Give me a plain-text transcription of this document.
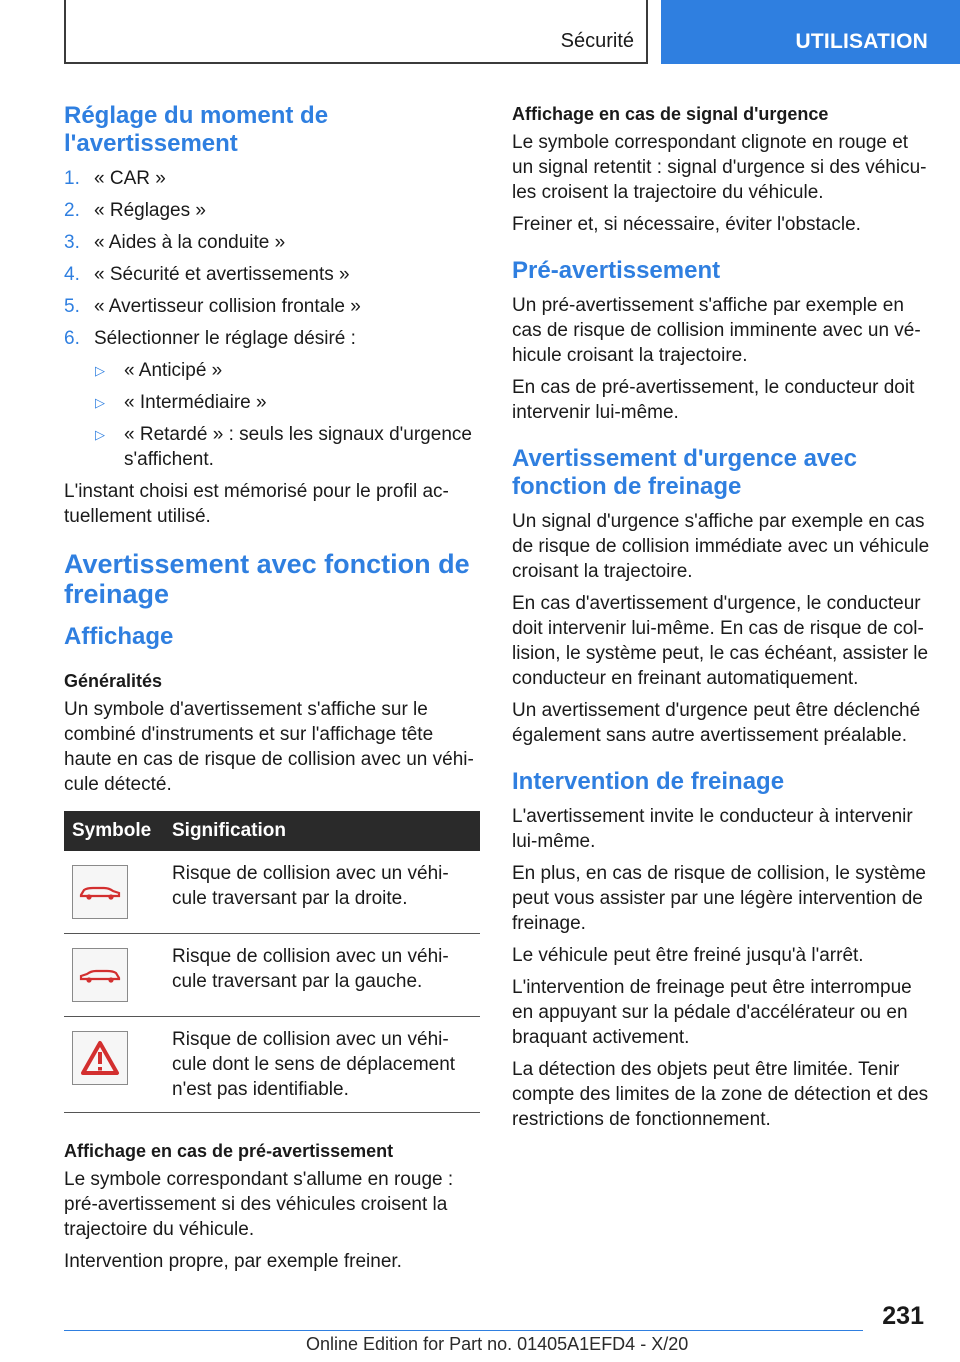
Sécurité	UTILISATION
Réglage du moment de l'avertissement
1. « CAR »
2. « Réglages »
3. « Aides à la conduite »
4. « Sécurité et avertissements »
5. « Avertisseur collision frontale »
6. Sélectionner le réglage désiré :
▷ « Anticipé »
▷ « Intermédiaire »
▷ « Retardé » : seuls les signaux d'urgence s'affichent.

L'instant choisi est mémorisé pour le profil actuellement utilisé.

Avertissement avec fonction de freinage
Affichage
Généralités

Un symbole d'avertissement s'affiche sur le combiné d'instruments et sur l'affichage tête haute en cas de risque de collision avec un véhicule détecté.

Symbole	Signification

	Risque de collision avec un véhicule traversant par la droite.

	Risque de collision avec un véhicule traversant par la gauche.

	Risque de collision avec un véhicule dont le sens de déplacement n'est pas identifiable.
Affichage en cas de pré-avertissement

Le symbole correspondant s'allume en rouge : pré-avertissement si des véhicules croisent la trajectoire du véhicule.

Intervention propre, par exemple freiner.

Affichage en cas de signal d'urgence

Le symbole correspondant clignote en rouge et un signal retentit : signal d'urgence si des véhicules croisent la trajectoire du véhicule.

Freiner et, si nécessaire, éviter l'obstacle.

Pré-avertissement

Un pré-avertissement s'affiche par exemple en cas de risque de collision imminente avec un véhicule croisant la trajectoire.

En cas de pré-avertissement, le conducteur doit intervenir lui-même.

Avertissement d'urgence avec fonction de freinage

Un signal d'urgence s'affiche par exemple en cas de risque de collision immédiate avec un véhicule croisant la trajectoire.

En cas d'avertissement d'urgence, le conducteur doit intervenir lui-même. En cas de risque de collision, le système peut, le cas échéant, assister le conducteur en freinant automatiquement.

Un avertissement d'urgence peut être déclenché également sans autre avertissement préalable.

Intervention de freinage

L'avertissement invite le conducteur à intervenir lui-même.

En plus, en cas de risque de collision, le système peut vous assister par une légère intervention de freinage.

Le véhicule peut être freiné jusqu'à l'arrêt.

L'intervention de freinage peut être interrompue en appuyant sur la pédale d'accélérateur ou en braquant activement.

La détection des objets peut être limitée. Tenir compte des limites de la zone de détection et des restrictions de fonctionnement.

231
Online Edition for Part no. 01405A1EFD4 - X/20
